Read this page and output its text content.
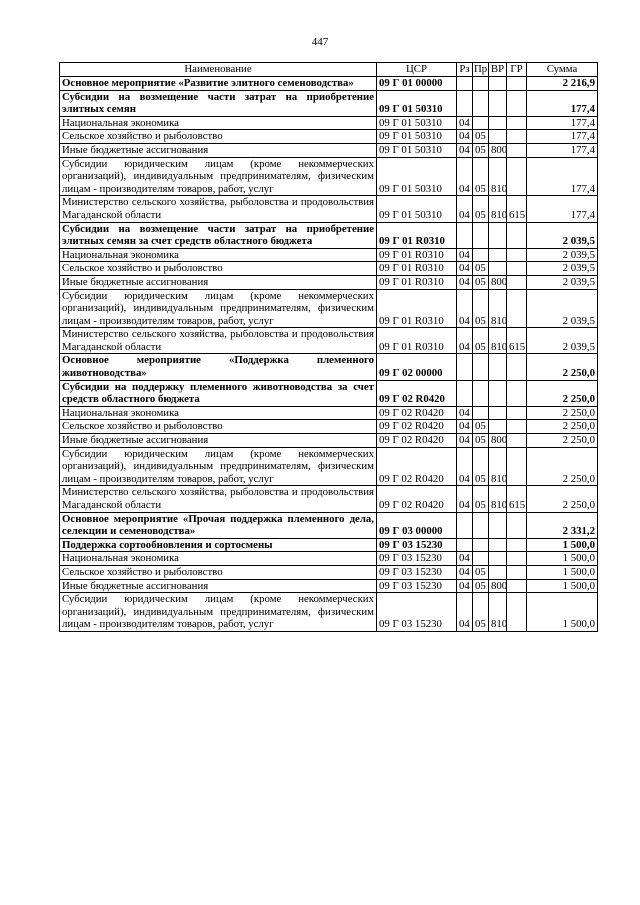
447
Наименование	ЦСР	Рз	Пр	ВР	ГР	Сумма
Основное мероприятие «Развитие элитного семеноводства»	09 Г 01 00000					2 216,9
Субсидии на возмещение части затрат на приобретение элитных семян	09 Г 01 50310					177,4
Национальная экономика	09 Г 01 50310	04				177,4
Сельское хозяйство и рыболовство	09 Г 01 50310	04	05			177,4
Иные бюджетные ассигнования	09 Г 01 50310	04	05	800		177,4
Субсидии юридическим лицам (кроме некоммерческих организаций), индивидуальным предпринимателям, физическим лицам - производителям товаров, работ, услуг	09 Г 01 50310	04	05	810		177,4
Министерство сельского хозяйства, рыболовства и продовольствия Магаданской области	09 Г 01 50310	04	05	810	615	177,4
Субсидии на возмещение части затрат на приобретение элитных семян за счет средств областного бюджета	09 Г 01 R0310					2 039,5
Национальная экономика	09 Г 01 R0310	04				2 039,5
Сельское хозяйство и рыболовство	09 Г 01 R0310	04	05			2 039,5
Иные бюджетные ассигнования	09 Г 01 R0310	04	05	800		2 039,5
Субсидии юридическим лицам (кроме некоммерческих организаций), индивидуальным предпринимателям, физическим лицам - производителям товаров, работ, услуг	09 Г 01 R0310	04	05	810		2 039,5
Министерство сельского хозяйства, рыболовства и продовольствия Магаданской области	09 Г 01 R0310	04	05	810	615	2 039,5
Основное мероприятие «Поддержка племенного животноводства»	09 Г 02 00000					2 250,0
Субсидии на поддержку племенного животноводства за счет средств областного бюджета	09 Г 02 R0420					2 250,0
Национальная экономика	09 Г 02 R0420	04				2 250,0
Сельское хозяйство и рыболовство	09 Г 02 R0420	04	05			2 250,0
Иные бюджетные ассигнования	09 Г 02 R0420	04	05	800		2 250,0
Субсидии юридическим лицам (кроме некоммерческих организаций), индивидуальным предпринимателям, физическим лицам - производителям товаров, работ, услуг	09 Г 02 R0420	04	05	810		2 250,0
Министерство сельского хозяйства, рыболовства и продовольствия Магаданской области	09 Г 02 R0420	04	05	810	615	2 250,0
Основное мероприятие «Прочая поддержка племенного дела, селекции и семеноводства»	09 Г 03 00000					2 331,2
Поддержка сортообновления и сортосмены	09 Г 03 15230					1 500,0
Национальная экономика	09 Г 03 15230	04				1 500,0
Сельское хозяйство и рыболовство	09 Г 03 15230	04	05			1 500,0
Иные бюджетные ассигнования	09 Г 03 15230	04	05	800		1 500,0
Субсидии юридическим лицам (кроме некоммерческих организаций), индивидуальным предпринимателям, физическим лицам - производителям товаров, работ, услуг	09 Г 03 15230	04	05	810		1 500,0
